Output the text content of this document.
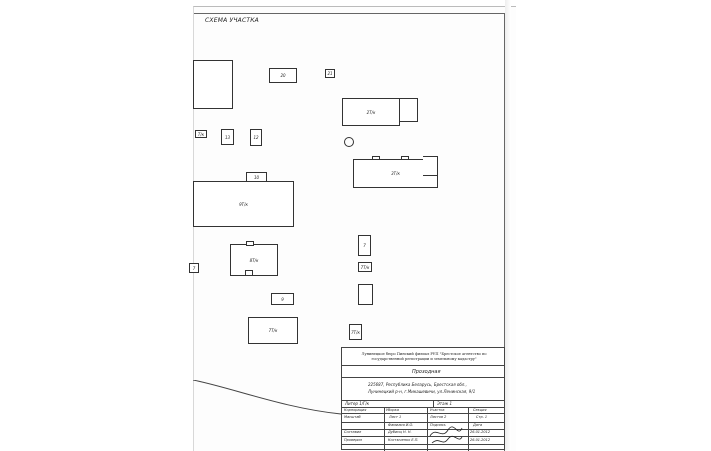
СХЕМА УЧАСТКА
20	21
2Т/к
Т/к
13	12
3Т/к
10
9Т/к
7
8Т/к
7	7Т/к
9
7Т/к	7Т/к
Лунинецкое бюро Пинский филиал РУП "Брестское агентство по государственной регистрации и земельному кадастру"
Прозодная
225687, Республика Беларусь, Брестская обл.,
Лунинецкий р-н, г.Микашевичи, ул.Ленинская, 9/1
Литер 1/Г/к	Этаж 1
Корпорация	Уборка	Участок	Секция
Масштаб	Лист 1	Листов 2	Стр. 1
Фамилия И.О.	Подпись	Дата
Составил	Дубинц Н. Н.	26.01.2012
Проверил	Костюченко Е.П.	26.01.2012
